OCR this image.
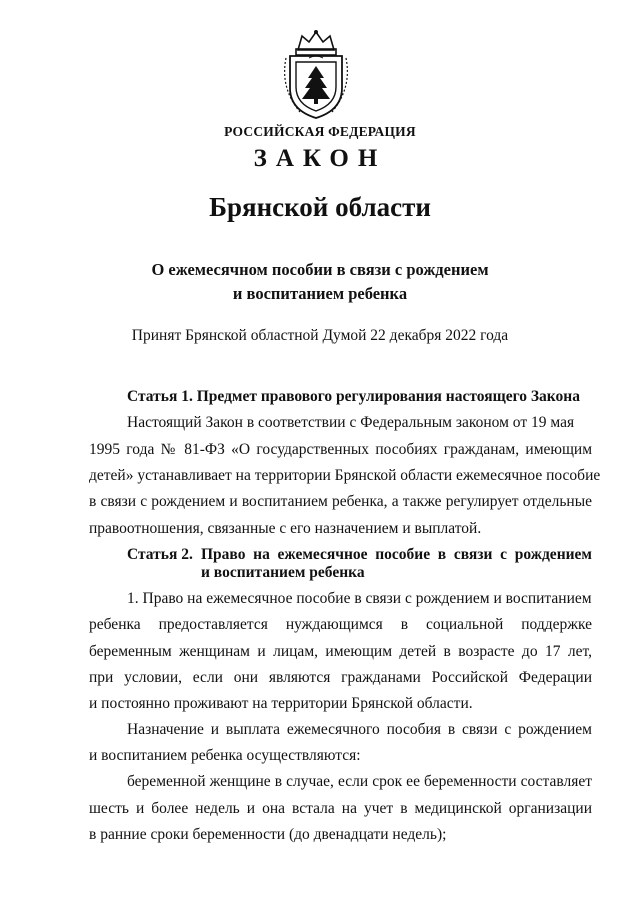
РОССИЙСКАЯ ФЕДЕРАЦИЯ
ЗАКОН
Брянской области
О ежемесячном пособии в связи с рождением
и воспитанием ребенка
Принят Брянской областной Думой 22 декабря 2022 года
Статья 1. Предмет правового регулирования настоящего Закона
Настоящий Закон в соответствии с Федеральным законом от 19 мая
1995 года № 81-ФЗ «О государственных пособиях гражданам, имеющим
детей» устанавливает на территории Брянской области ежемесячное пособие
в связи с рождением и воспитанием ребенка, а также регулирует отдельные
правоотношения, связанные с его назначением и выплатой.
Статья 2. Право на ежемесячное пособие в связи с рождением
и воспитанием ребенка
1. Право на ежемесячное пособие в связи с рождением и воспитанием
ребенка предоставляется нуждающимся в социальной поддержке
беременным женщинам и лицам, имеющим детей в возрасте до 17 лет,
при условии, если они являются гражданами Российской Федерации
и постоянно проживают на территории Брянской области.
Назначение и выплата ежемесячного пособия в связи с рождением
и воспитанием ребенка осуществляются:
беременной женщине в случае, если срок ее беременности составляет
шесть и более недель и она встала на учет в медицинской организации
в ранние сроки беременности (до двенадцати недель);
